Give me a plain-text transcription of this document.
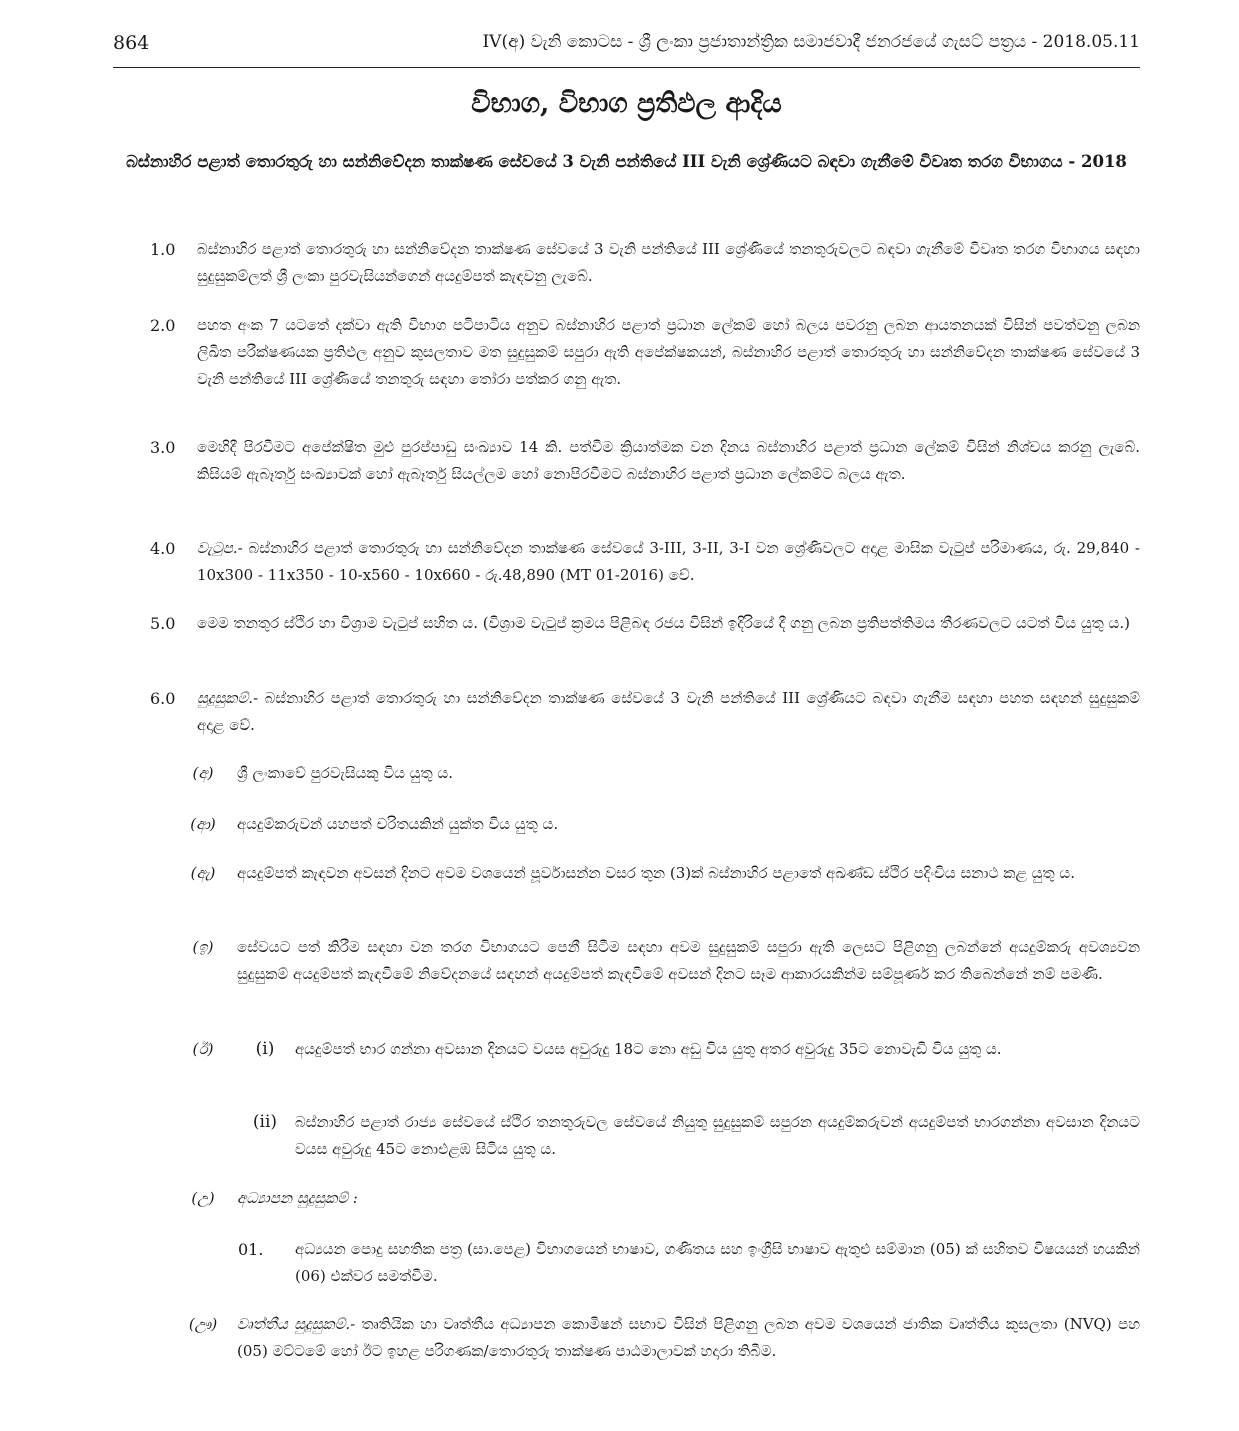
864	IV(අ) වැනි කොටස - ශ්‍රී ලංකා ප්‍රජාතාන්ත්‍රික සමාජවාදී ජනරජයේ ගැසට් පත්‍රය - 2018.05.11
විභාග, විභාග ප්‍රතිඵල ආදිය
බස්නාහිර පළාත් තොරතුරු හා සන්නිවේදන තාක්ෂණ සේවයේ 3 වැනි පන්තියේ III වැනි ශ්‍රේණියට බඳවා ගැනීමේ විවෘත තරග විභාගය - 2018
1.0 බස්නාහිර පළාත් තොරතුරු හා සන්නිවේදන තාක්ෂණ සේවයේ 3 වැනි පන්තියේ III ශ්‍රේණියේ තනතුරුවලට බඳවා ගැනීමේ විවෘත තරග විභාගය සඳහා සුදුසුකම්ලත් ශ්‍රී ලංකා පුරවැසියන්ගෙන් අයදුම්පත් කැඳවනු ලැබේ.
2.0 පහත අංක 7 යටතේ දක්වා ඇති විභාග පටිපාටිය අනුව බස්නාහිර පළාත් ප්‍රධාන ලේකම් හෝ බලය පවරනු ලබන ආයතනයක් විසින් පවත්වනු ලබන ලිඛිත පරීක්ෂණයක ප්‍රතිඵල අනුව කුසලතාව මත සුදුසුකම් සපුරා ඇති අපේක්ෂකයන්, බස්නාහිර පළාත් තොරතුරු හා සන්නිවේදන තාක්ෂණ සේවයේ 3 වැනි පන්තියේ III ශ්‍රේණියේ තනතුරු සඳහා තෝරා පත්කර ගනු ඇත.
3.0 මෙහිදී පිරවීමට අපේක්ෂිත මුළු පුරප්පාඩු සංඛ්‍යාව 14 කි. පත්වීම ක්‍රියාත්මක වන දිනය බස්නාහිර පළාත් ප්‍රධාන ලේකම් විසින් නිශ්චය කරනු ලැබේ. කිසියම් ඇබෑර්තු සංඛ්‍යාවක් හෝ ඇබෑර්තු සියල්ලම හෝ නොපිරවීමට බස්නාහිර පළාත් ප්‍රධාන ලේකම්ට බලය ඇත.
4.0 වැටුප.- බස්නාහිර පළාත් තොරතුරු හා සන්නිවේදන තාක්ෂණ සේවයේ 3-III, 3-II, 3-I වන ශ්‍රේණිවලට අදාළ මාසික වැටුප් පරිමාණය, රු. 29,840 - 10x300 - 11x350 - 10-x560 - 10x660 - රු.48,890 (MT 01-2016) වේ.
5.0 මෙම තනතුර ස්ථිර හා විශ්‍රාම වැටුප් සහිත ය. (විශ්‍රාම වැටුප් ක්‍රමය පිළිබඳ රජය විසින් ඉදිරියේ දී ගනු ලබන ප්‍රතිපත්තිමය තීරණවලට යටත් විය යුතු ය.)
6.0 සුදුසුකම්.- බස්නාහිර පළාත් තොරතුරු හා සන්නිවේදන තාක්ෂණ සේවයේ 3 වැනි පන්තියේ III ශ්‍රේණියට බඳවා ගැනීම සඳහා පහත සඳහන් සුදුසුකම් අදාළ වේ.
(අ)	ශ්‍රී ලංකාවේ පුරවැසියකු විය යුතු ය.
(ආ)	අයදුම්කරුවන් යහපත් චරිතයකින් යුක්ත විය යුතු ය.
(ඇ)	අයදුම්පත් කැඳවන අවසන් දිනට අවම වශයෙන් පූර්වාසන්න වසර තුන (3)ක් බස්නාහිර පළාතේ අඛණ්ඩ ස්ථිර පදිංචිය සනාථ කළ යුතු ය.
(ඉ)	සේවයට පත් කිරීම සඳහා වන තරග විභාගයට පෙනී සිටීම සඳහා අවම සුදුසුකම් සපුරා ඇති ලෙසට පිළිගනු ලබන්නේ අයදුම්කරු අවශ්‍යවන සුදුසුකම් අයදුම්පත් කැඳවීමේ නිවේදනයේ සඳහන් අයදුම්පත් කැඳවීමේ අවසන් දිනට සෑම ආකාරයකින්ම සම්පූර්ණ කර තිබෙන්නේ නම් පමණි.
(ඊ)	(i)	අයදුම්පත් භාර ගන්නා අවසාන දිනයට වයස අවුරුදු 18ට නො අඩු විය යුතු අතර අවුරුදු 35ට නොවැඩි විය යුතු ය.
(ii)	බස්නාහිර පළාත් රාජ්‍ය සේවයේ ස්ථිර තනතුරුවල සේවයේ නියුතු සුදුසුකම් සපුරන අයදුම්කරුවන් අයදුම්පත් භාරගන්නා අවසාන දිනයට වයස අවුරුදු 45ට නොඑළඹ සිටිය යුතු ය.
(උ)	අධ්‍යාපන සුදුසුකම් :
01. අධ්‍යයන පොදු සහතික පත්‍ර (සා.පෙළ) විභාගයෙන් භාෂාව, ගණිතය සහ ඉංග්‍රීසි භාෂාව ඇතුළු සම්මාන (05) ක් සහිතව විෂයයන් හයකින් (06) එක්වර සමත්වීම.
(ඌ)	වෘත්තීය සුදුසුකම්.- තෘතියික හා වෘත්තීය අධ්‍යාපන කොමිෂන් සභාව විසින් පිළිගනු ලබන අවම වශයෙන් ජාතික වෘත්තීය කුසලතා (NVQ) පහ (05) මට්ටමේ හෝ ඊට ඉහළ පරිගණක/තොරතුරු තාක්ෂණ පාඨමාලාවක් හදාරා තිබීම.
